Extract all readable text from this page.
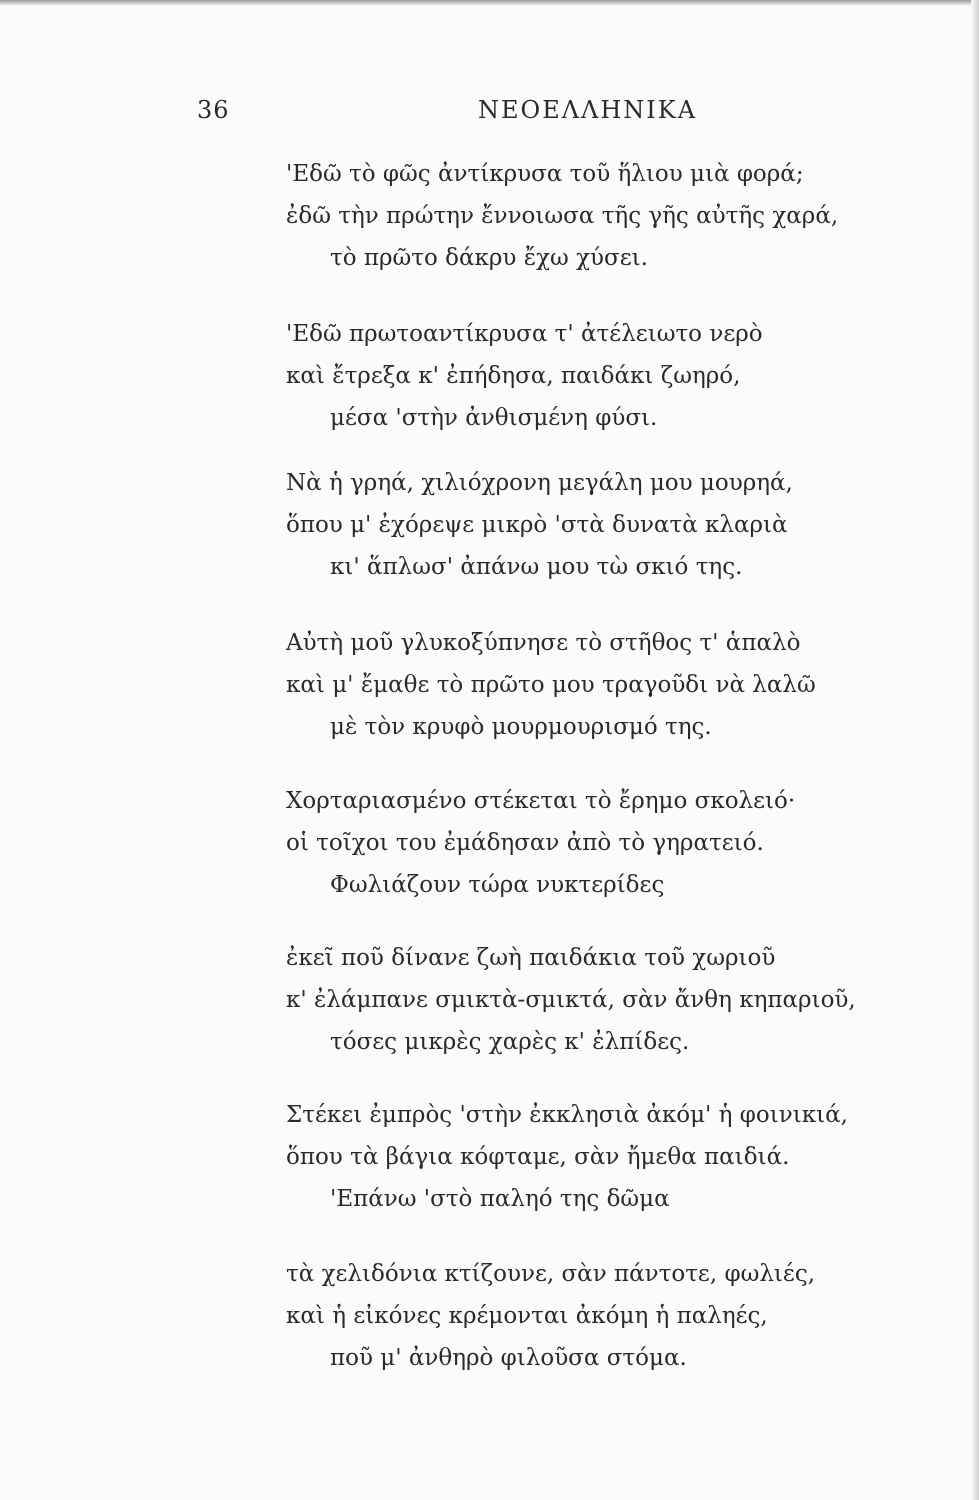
36	ΝΕΟΕΛΛΗΝΙΚΑ
'Εδῶ τὸ φῶς ἀντίκρυσα τοῦ ἥλιου μιὰ φορά;
ἐδῶ τὴν πρώτην ἔννοιωσα τῆς γῆς αὐτῆς χαρά,
τὸ πρῶτο δάκρυ ἔχω χύσει.
'Εδῶ πρωτοαντίκρυσα τ' ἀτέλειωτο νερὸ
καὶ ἔτρεξα κ' ἐπήδησα, παιδάκι ζωηρό,
μέσα 'στὴν ἀνθισμένη φύσι.
Νὰ ἡ γρηά, χιλιόχρονη μεγάλη μου μουρηά,
ὅπου μ' ἐχόρεψε μικρὸ 'στὰ δυνατὰ κλαριὰ
κι' ἅπλωσ' ἀπάνω μου τὼ σκιό της.
Αὐτὴ μοῦ γλυκοξύπνησε τὸ στῆθος τ' ἁπαλὸ
καὶ μ' ἔμαθε τὸ πρῶτο μου τραγοῦδι νὰ λαλῶ
μὲ τὸν κρυφὸ μουρμουρισμό της.
Χορταριασμένο στέκεται τὸ ἔρημο σκολειό·
οἱ τοῖχοι του ἐμάδησαν ἀπὸ τὸ γηρατειό.
Φωλιάζουν τώρα νυκτερίδες
ἐκεῖ ποῦ δίνανε ζωὴ παιδάκια τοῦ χωριοῦ
κ' ἐλάμπανε σμικτὰ-σμικτά, σὰν ἄνθη κηπαριοῦ,
τόσες μικρὲς χαρὲς κ' ἐλπίδες.
Στέκει ἐμπρὸς 'στὴν ἐκκλησιὰ ἀκόμ' ἡ φοινικιά,
ὅπου τὰ βάγια κόφταμε, σὰν ἤμεθα παιδιά.
'Επάνω 'στὸ παληό της δῶμα
τὰ χελιδόνια κτίζουνε, σὰν πάντοτε, φωλιές,
καὶ ἡ εἰκόνες κρέμονται ἀκόμη ἡ παληές,
ποῦ μ' ἀνθηρὸ φιλοῦσα στόμα.
